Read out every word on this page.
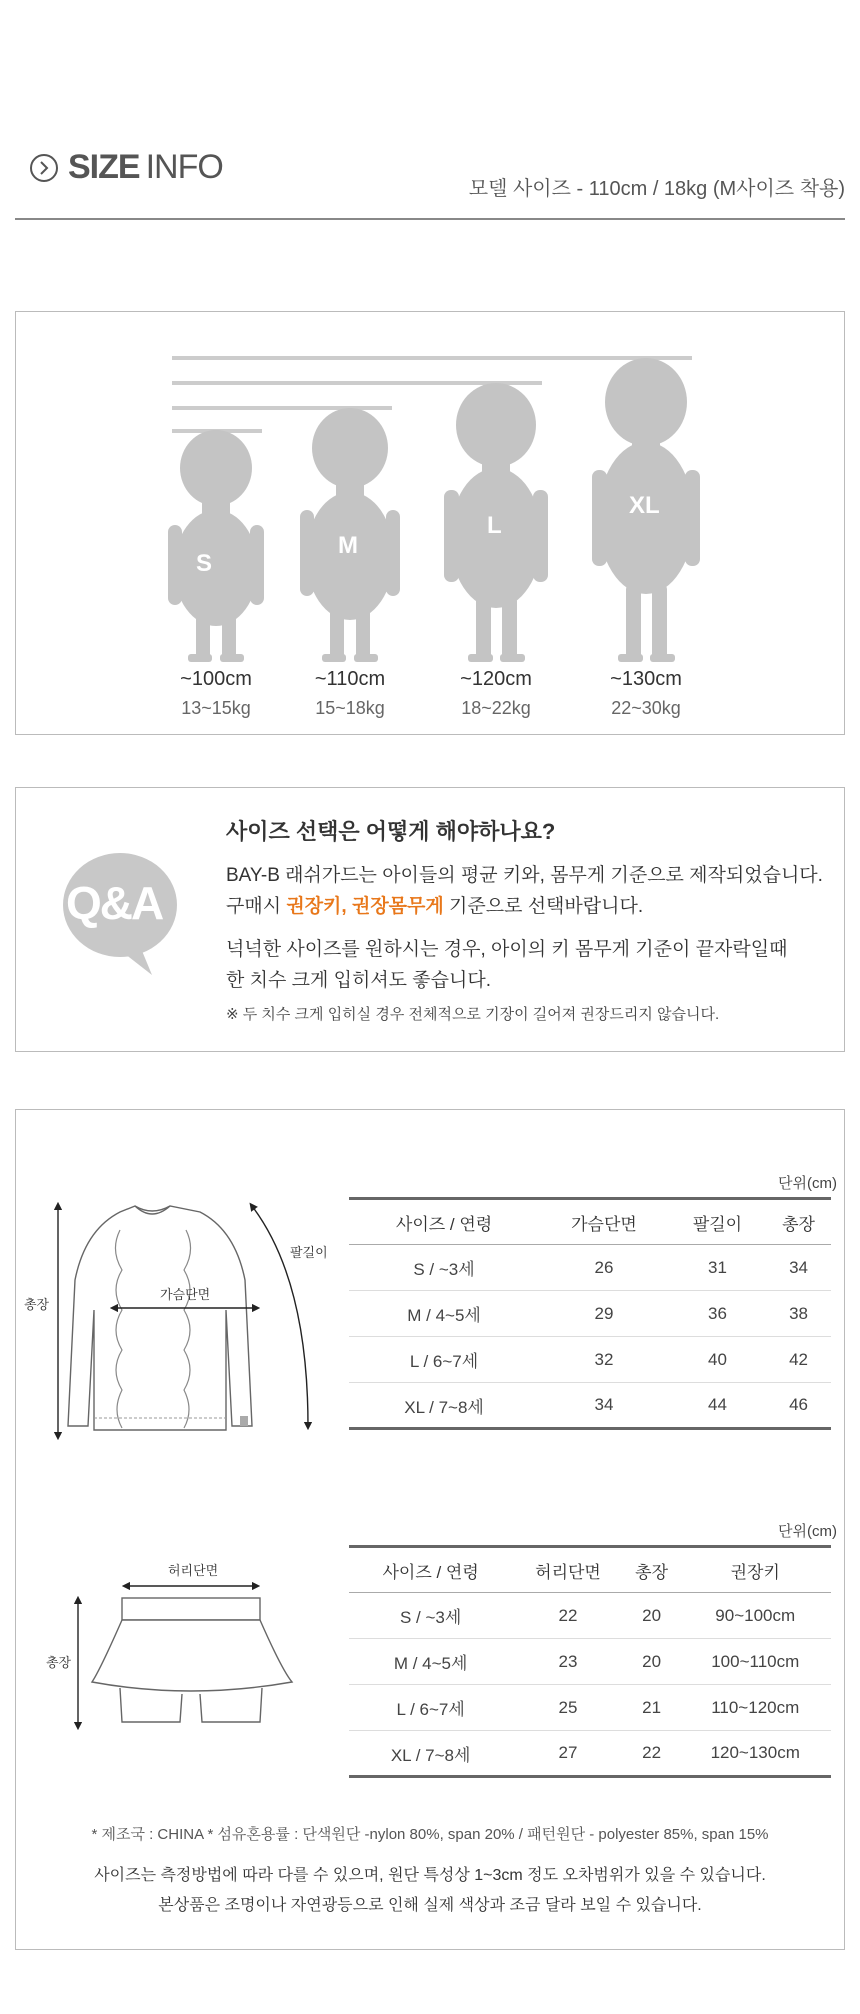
SIZE INFO
모델 사이즈 - 110cm / 18kg (M사이즈 착용)
S
M
L
XL
~100cm
13~15kg
~110cm
15~18kg
~120cm
18~22kg
~130cm
22~30kg
Q&A
사이즈 선택은 어떻게 해야하나요?
BAY-B 래쉬가드는 아이들의 평균 키와, 몸무게 기준으로 제작되었습니다.
구매시 권장키, 권장몸무게 기준으로 선택바랍니다.
넉넉한 사이즈를 원하시는 경우, 아이의 키 몸무게 기준이 끝자락일때
한 치수 크게 입히셔도 좋습니다.
※ 두 치수 크게 입히실 경우 전체적으로 기장이 길어져 권장드리지 않습니다.
총장
가슴단면
팔길이
단위(cm)
사이즈 / 연령	가슴단면	팔길이	총장
S / ~3세	26	31	34
M / 4~5세	29	36	38
L / 6~7세	32	40	42
XL / 7~8세	34	44	46
허리단면
총장
단위(cm)
사이즈 / 연령	허리단면	총장	권장키
S / ~3세	22	20	90~100cm
M / 4~5세	23	20	100~110cm
L / 6~7세	25	21	110~120cm
XL / 7~8세	27	22	120~130cm
* 제조국 : CHINA * 섬유혼용률 : 단색원단 -nylon 80%, span 20% / 패턴원단 - polyester 85%, span 15%
사이즈는 측정방법에 따라 다를 수 있으며, 원단 특성상 1~3cm 정도 오차범위가 있을 수 있습니다.
본상품은 조명이나 자연광등으로 인해 실제 색상과 조금 달라 보일 수 있습니다.
